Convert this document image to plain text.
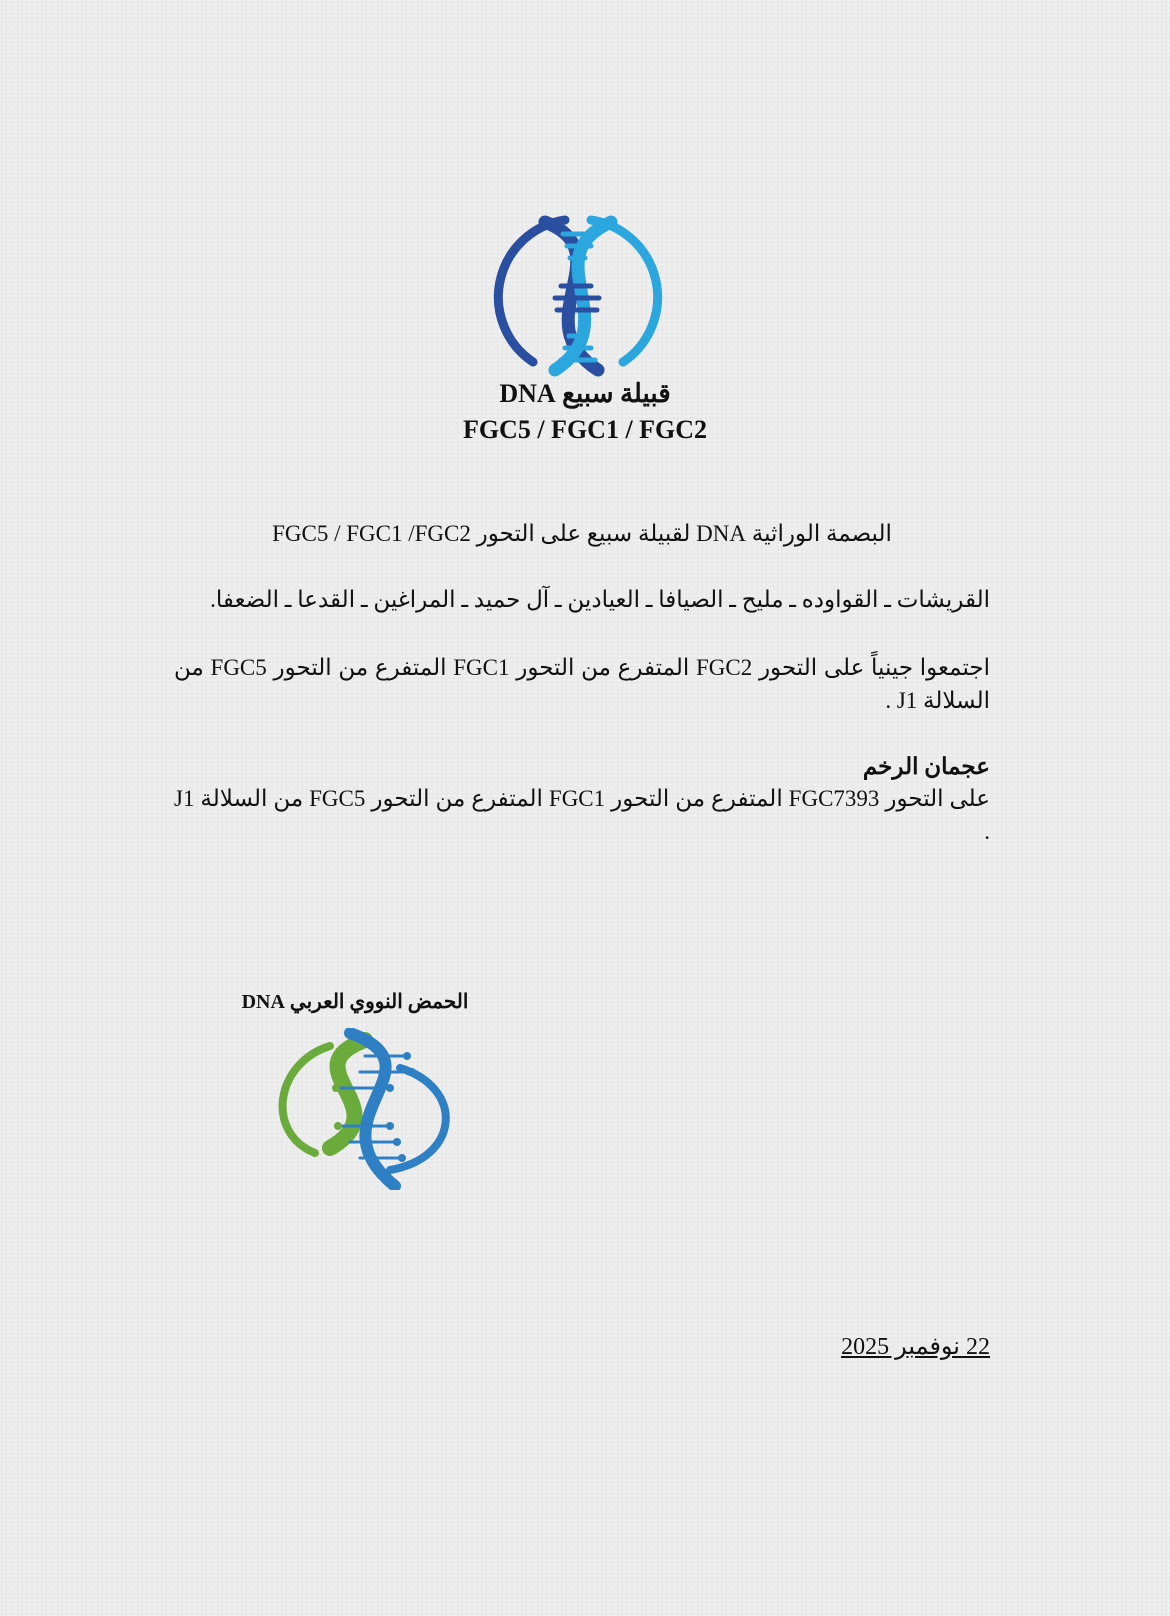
قبيلة سبيع DNA
FGC5 / FGC1 / FGC2
البصمة الوراثية DNA لقبيلة سبيع على التحور FGC5 / FGC1 /FGC2
القريشات ـ القواوده ـ مليح ـ الصيافا ـ العيادين ـ آل حميد ـ المراغين ـ القدعا ـ الضعفا.
اجتمعوا جينياً على التحور FGC2 المتفرع من التحور FGC1 المتفرع من التحور FGC5 من السلالة J1 .
عجمان الرخم
على التحور FGC7393 المتفرع من التحور FGC1 المتفرع من التحور FGC5 من السلالة J1 .
الحمض النووي العربي DNA
22 نوفمبر 2025
